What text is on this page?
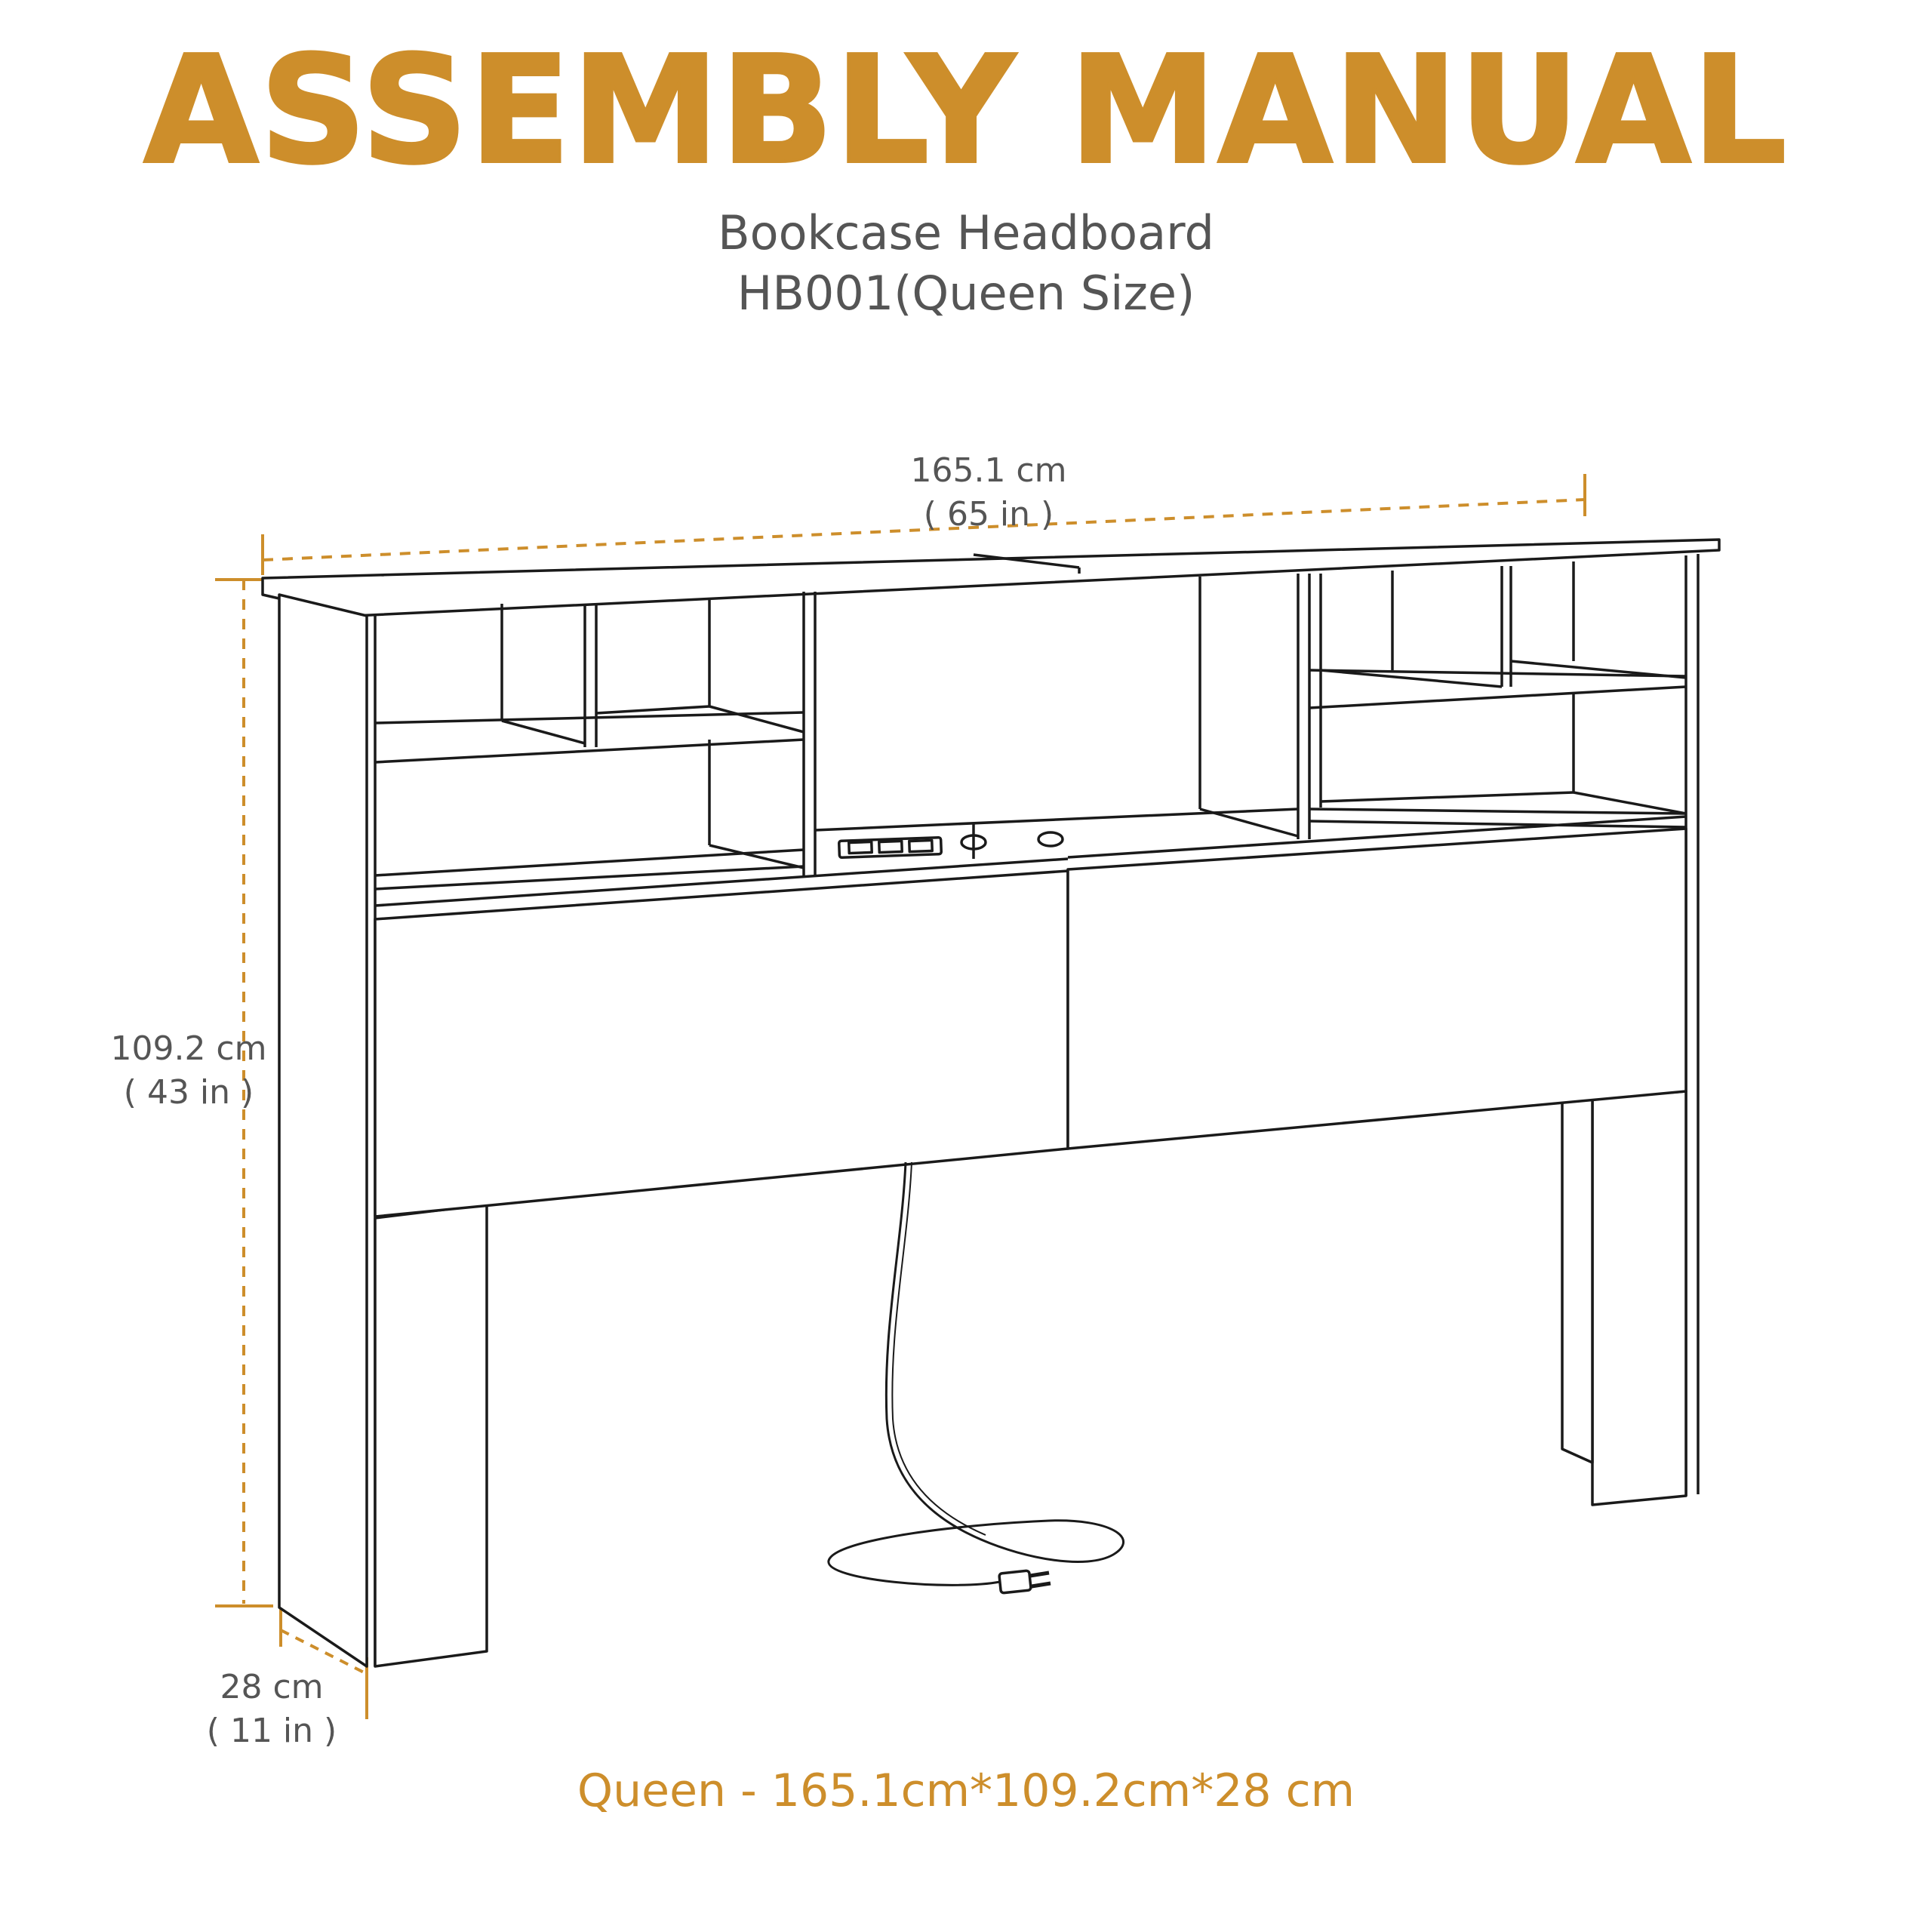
ASSEMBLY MANUAL
Bookcase Headboard
HB001(Queen Size)
165.1 cm
( 65 in )
109.2 cm
( 43 in )
28 cm
( 11 in )
Queen - 165.1cm*109.2cm*28 cm
